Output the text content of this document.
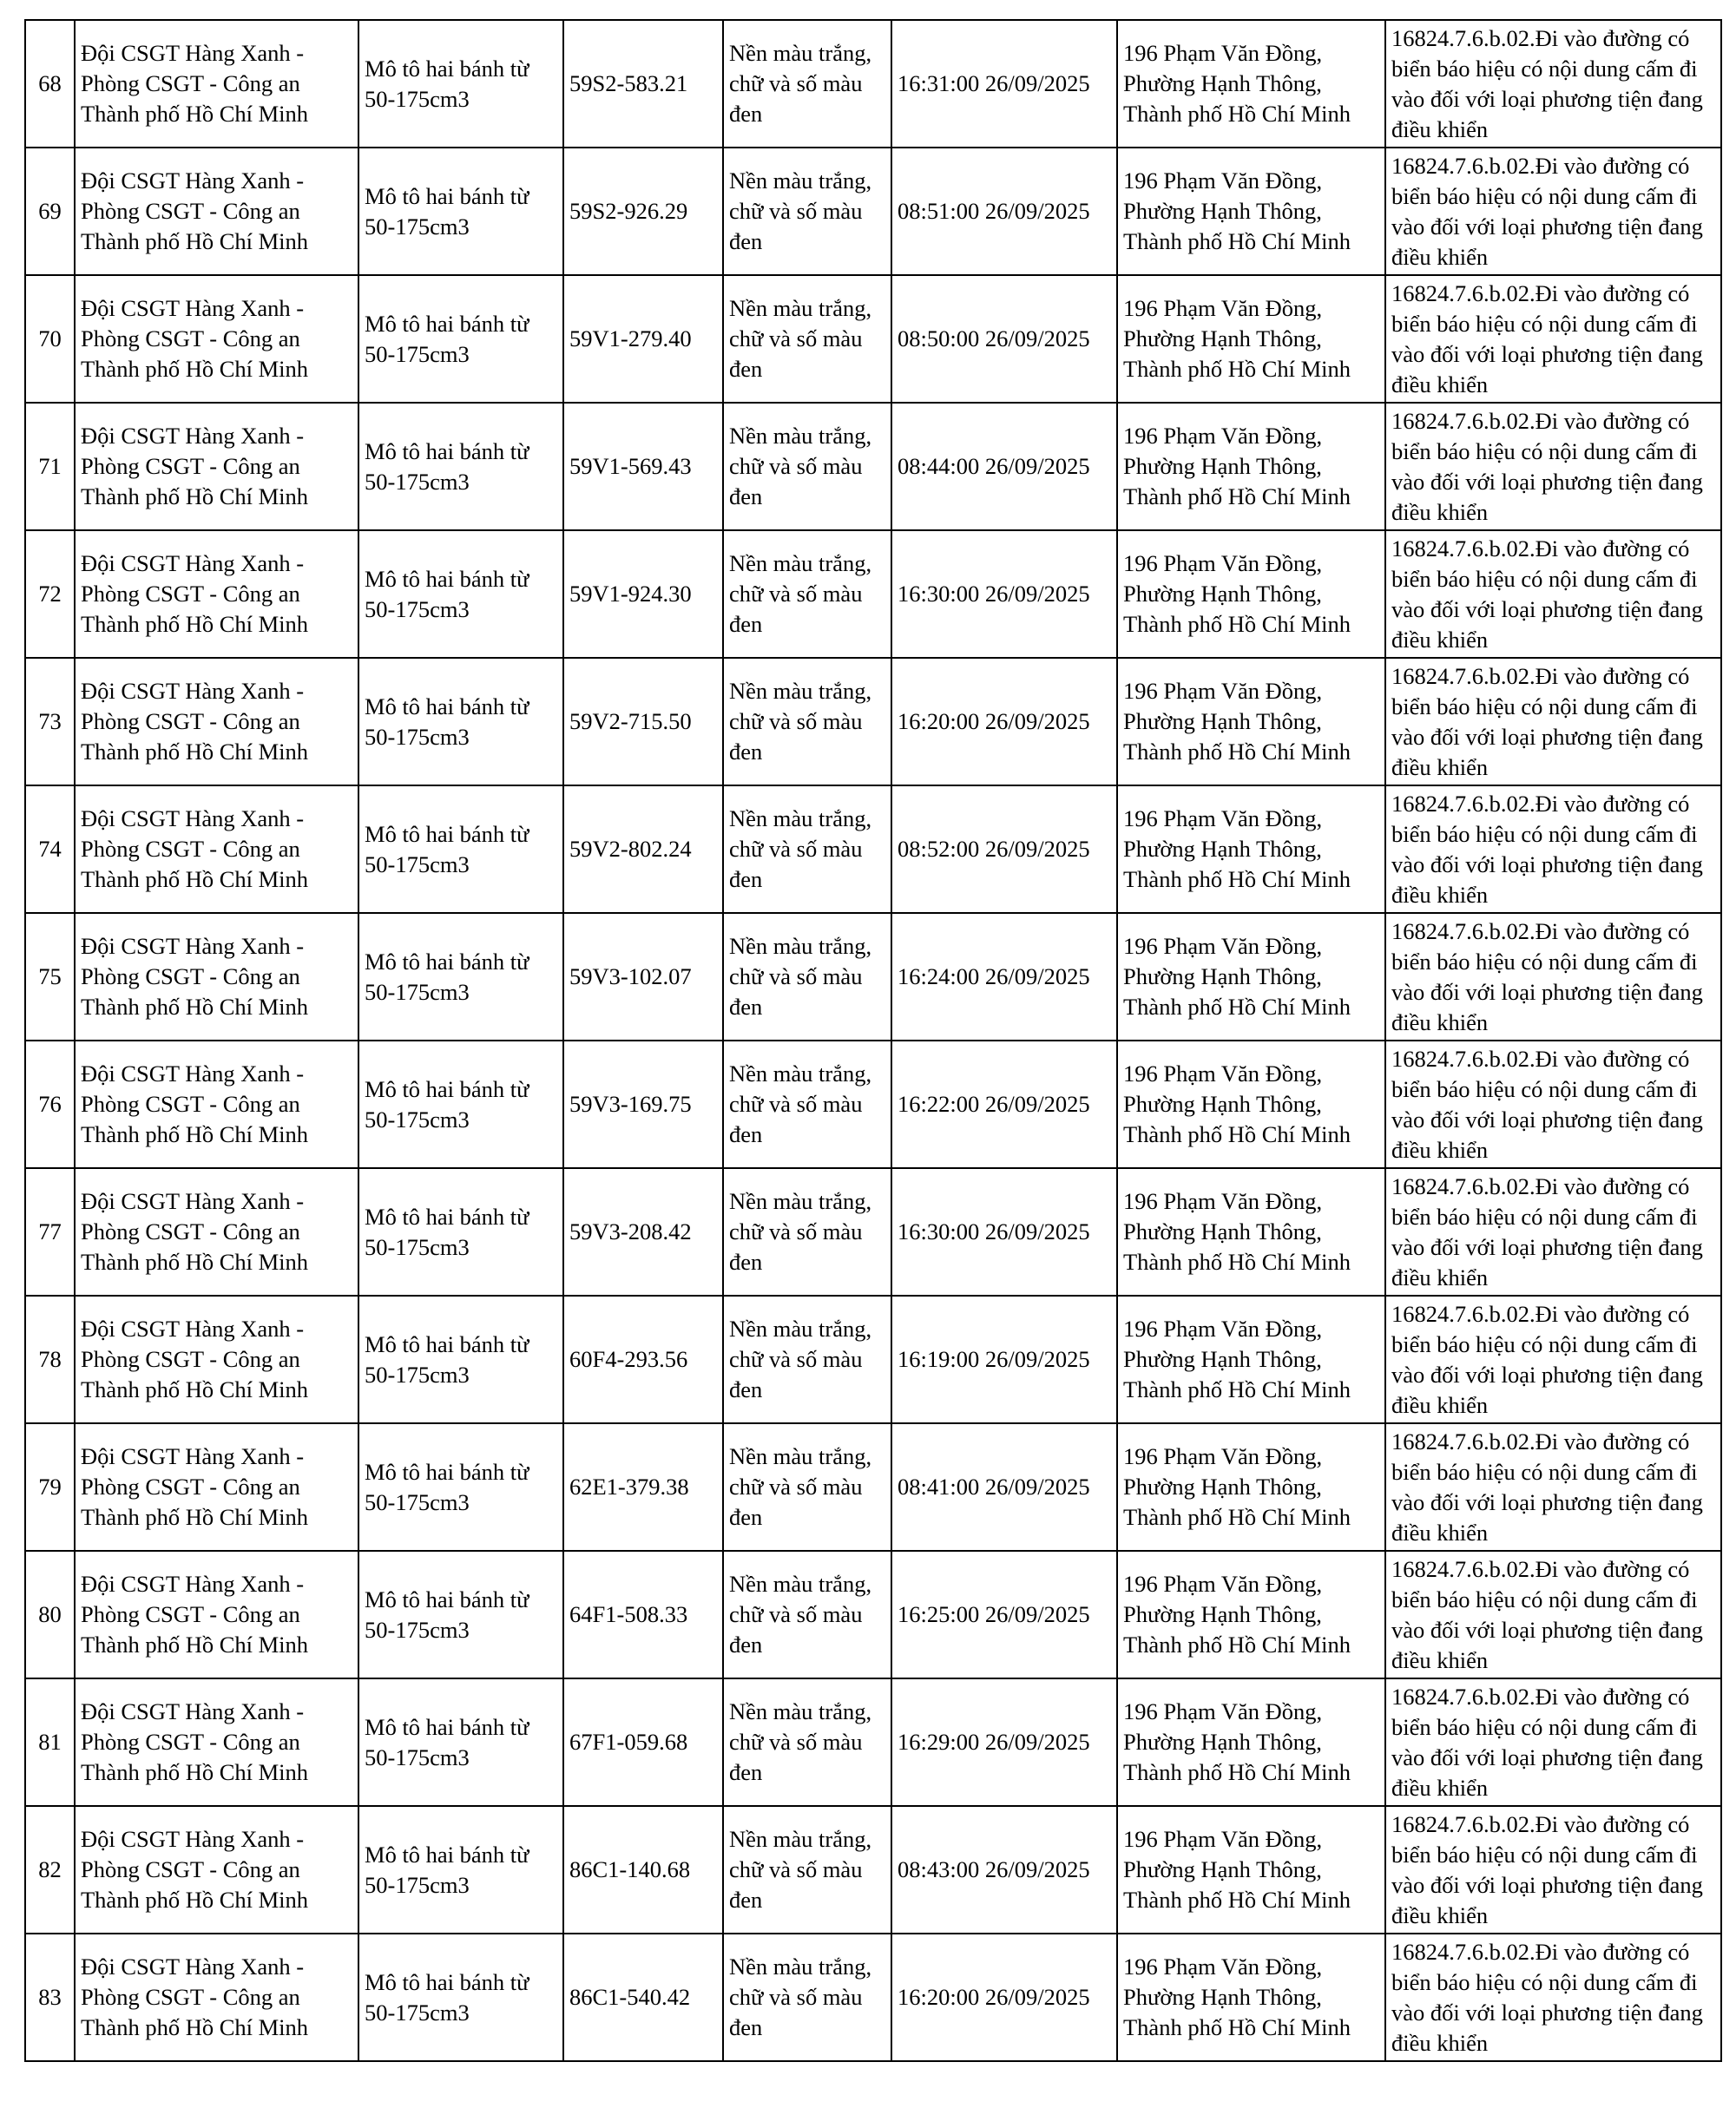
68	Đội CSGT Hàng Xanh - Phòng CSGT - Công an Thành phố Hồ Chí Minh	Mô tô hai bánh từ 50-175cm3	59S2-583.21	Nền màu trắng, chữ và số màu đen	16:31:00 26/09/2025	196 Phạm Văn Đồng, Phường Hạnh Thông, Thành phố Hồ Chí Minh	16824.7.6.b.02.Đi vào đường có biển báo hiệu có nội dung cấm đi vào đối với loại phương tiện đang điều khiển

69	Đội CSGT Hàng Xanh - Phòng CSGT - Công an Thành phố Hồ Chí Minh	Mô tô hai bánh từ 50-175cm3	59S2-926.29	Nền màu trắng, chữ và số màu đen	08:51:00 26/09/2025	196 Phạm Văn Đồng, Phường Hạnh Thông, Thành phố Hồ Chí Minh	16824.7.6.b.02.Đi vào đường có biển báo hiệu có nội dung cấm đi vào đối với loại phương tiện đang điều khiển

70	Đội CSGT Hàng Xanh - Phòng CSGT - Công an Thành phố Hồ Chí Minh	Mô tô hai bánh từ 50-175cm3	59V1-279.40	Nền màu trắng, chữ và số màu đen	08:50:00 26/09/2025	196 Phạm Văn Đồng, Phường Hạnh Thông, Thành phố Hồ Chí Minh	16824.7.6.b.02.Đi vào đường có biển báo hiệu có nội dung cấm đi vào đối với loại phương tiện đang điều khiển

71	Đội CSGT Hàng Xanh - Phòng CSGT - Công an Thành phố Hồ Chí Minh	Mô tô hai bánh từ 50-175cm3	59V1-569.43	Nền màu trắng, chữ và số màu đen	08:44:00 26/09/2025	196 Phạm Văn Đồng, Phường Hạnh Thông, Thành phố Hồ Chí Minh	16824.7.6.b.02.Đi vào đường có biển báo hiệu có nội dung cấm đi vào đối với loại phương tiện đang điều khiển

72	Đội CSGT Hàng Xanh - Phòng CSGT - Công an Thành phố Hồ Chí Minh	Mô tô hai bánh từ 50-175cm3	59V1-924.30	Nền màu trắng, chữ và số màu đen	16:30:00 26/09/2025	196 Phạm Văn Đồng, Phường Hạnh Thông, Thành phố Hồ Chí Minh	16824.7.6.b.02.Đi vào đường có biển báo hiệu có nội dung cấm đi vào đối với loại phương tiện đang điều khiển

73	Đội CSGT Hàng Xanh - Phòng CSGT - Công an Thành phố Hồ Chí Minh	Mô tô hai bánh từ 50-175cm3	59V2-715.50	Nền màu trắng, chữ và số màu đen	16:20:00 26/09/2025	196 Phạm Văn Đồng, Phường Hạnh Thông, Thành phố Hồ Chí Minh	16824.7.6.b.02.Đi vào đường có biển báo hiệu có nội dung cấm đi vào đối với loại phương tiện đang điều khiển

74	Đội CSGT Hàng Xanh - Phòng CSGT - Công an Thành phố Hồ Chí Minh	Mô tô hai bánh từ 50-175cm3	59V2-802.24	Nền màu trắng, chữ và số màu đen	08:52:00 26/09/2025	196 Phạm Văn Đồng, Phường Hạnh Thông, Thành phố Hồ Chí Minh	16824.7.6.b.02.Đi vào đường có biển báo hiệu có nội dung cấm đi vào đối với loại phương tiện đang điều khiển

75	Đội CSGT Hàng Xanh - Phòng CSGT - Công an Thành phố Hồ Chí Minh	Mô tô hai bánh từ 50-175cm3	59V3-102.07	Nền màu trắng, chữ và số màu đen	16:24:00 26/09/2025	196 Phạm Văn Đồng, Phường Hạnh Thông, Thành phố Hồ Chí Minh	16824.7.6.b.02.Đi vào đường có biển báo hiệu có nội dung cấm đi vào đối với loại phương tiện đang điều khiển

76	Đội CSGT Hàng Xanh - Phòng CSGT - Công an Thành phố Hồ Chí Minh	Mô tô hai bánh từ 50-175cm3	59V3-169.75	Nền màu trắng, chữ và số màu đen	16:22:00 26/09/2025	196 Phạm Văn Đồng, Phường Hạnh Thông, Thành phố Hồ Chí Minh	16824.7.6.b.02.Đi vào đường có biển báo hiệu có nội dung cấm đi vào đối với loại phương tiện đang điều khiển

77	Đội CSGT Hàng Xanh - Phòng CSGT - Công an Thành phố Hồ Chí Minh	Mô tô hai bánh từ 50-175cm3	59V3-208.42	Nền màu trắng, chữ và số màu đen	16:30:00 26/09/2025	196 Phạm Văn Đồng, Phường Hạnh Thông, Thành phố Hồ Chí Minh	16824.7.6.b.02.Đi vào đường có biển báo hiệu có nội dung cấm đi vào đối với loại phương tiện đang điều khiển

78	Đội CSGT Hàng Xanh - Phòng CSGT - Công an Thành phố Hồ Chí Minh	Mô tô hai bánh từ 50-175cm3	60F4-293.56	Nền màu trắng, chữ và số màu đen	16:19:00 26/09/2025	196 Phạm Văn Đồng, Phường Hạnh Thông, Thành phố Hồ Chí Minh	16824.7.6.b.02.Đi vào đường có biển báo hiệu có nội dung cấm đi vào đối với loại phương tiện đang điều khiển

79	Đội CSGT Hàng Xanh - Phòng CSGT - Công an Thành phố Hồ Chí Minh	Mô tô hai bánh từ 50-175cm3	62E1-379.38	Nền màu trắng, chữ và số màu đen	08:41:00 26/09/2025	196 Phạm Văn Đồng, Phường Hạnh Thông, Thành phố Hồ Chí Minh	16824.7.6.b.02.Đi vào đường có biển báo hiệu có nội dung cấm đi vào đối với loại phương tiện đang điều khiển

80	Đội CSGT Hàng Xanh - Phòng CSGT - Công an Thành phố Hồ Chí Minh	Mô tô hai bánh từ 50-175cm3	64F1-508.33	Nền màu trắng, chữ và số màu đen	16:25:00 26/09/2025	196 Phạm Văn Đồng, Phường Hạnh Thông, Thành phố Hồ Chí Minh	16824.7.6.b.02.Đi vào đường có biển báo hiệu có nội dung cấm đi vào đối với loại phương tiện đang điều khiển

81	Đội CSGT Hàng Xanh - Phòng CSGT - Công an Thành phố Hồ Chí Minh	Mô tô hai bánh từ 50-175cm3	67F1-059.68	Nền màu trắng, chữ và số màu đen	16:29:00 26/09/2025	196 Phạm Văn Đồng, Phường Hạnh Thông, Thành phố Hồ Chí Minh	16824.7.6.b.02.Đi vào đường có biển báo hiệu có nội dung cấm đi vào đối với loại phương tiện đang điều khiển

82	Đội CSGT Hàng Xanh - Phòng CSGT - Công an Thành phố Hồ Chí Minh	Mô tô hai bánh từ 50-175cm3	86C1-140.68	Nền màu trắng, chữ và số màu đen	08:43:00 26/09/2025	196 Phạm Văn Đồng, Phường Hạnh Thông, Thành phố Hồ Chí Minh	16824.7.6.b.02.Đi vào đường có biển báo hiệu có nội dung cấm đi vào đối với loại phương tiện đang điều khiển

83	Đội CSGT Hàng Xanh - Phòng CSGT - Công an Thành phố Hồ Chí Minh	Mô tô hai bánh từ 50-175cm3	86C1-540.42	Nền màu trắng, chữ và số màu đen	16:20:00 26/09/2025	196 Phạm Văn Đồng, Phường Hạnh Thông, Thành phố Hồ Chí Minh	16824.7.6.b.02.Đi vào đường có biển báo hiệu có nội dung cấm đi vào đối với loại phương tiện đang điều khiển
